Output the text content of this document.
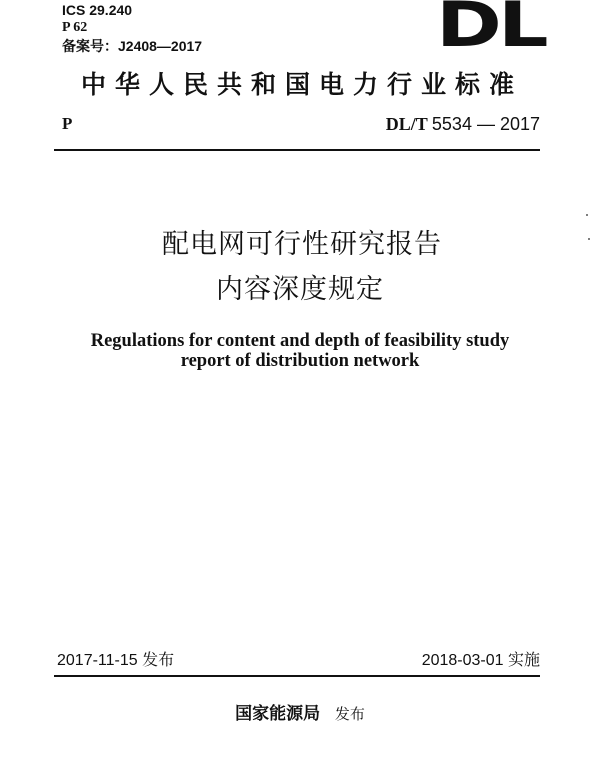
ICS 29.240
P 62
备案号：J2408—2017	DL
中华人民共和国电力行业标准
P	DL/T 5534 — 2017
配电网可行性研究报告
内容深度规定
Regulations for content and depth of feasibility study
report of distribution network
2017-11-15 发布	2018-03-01 实施
国家能源局 发布
